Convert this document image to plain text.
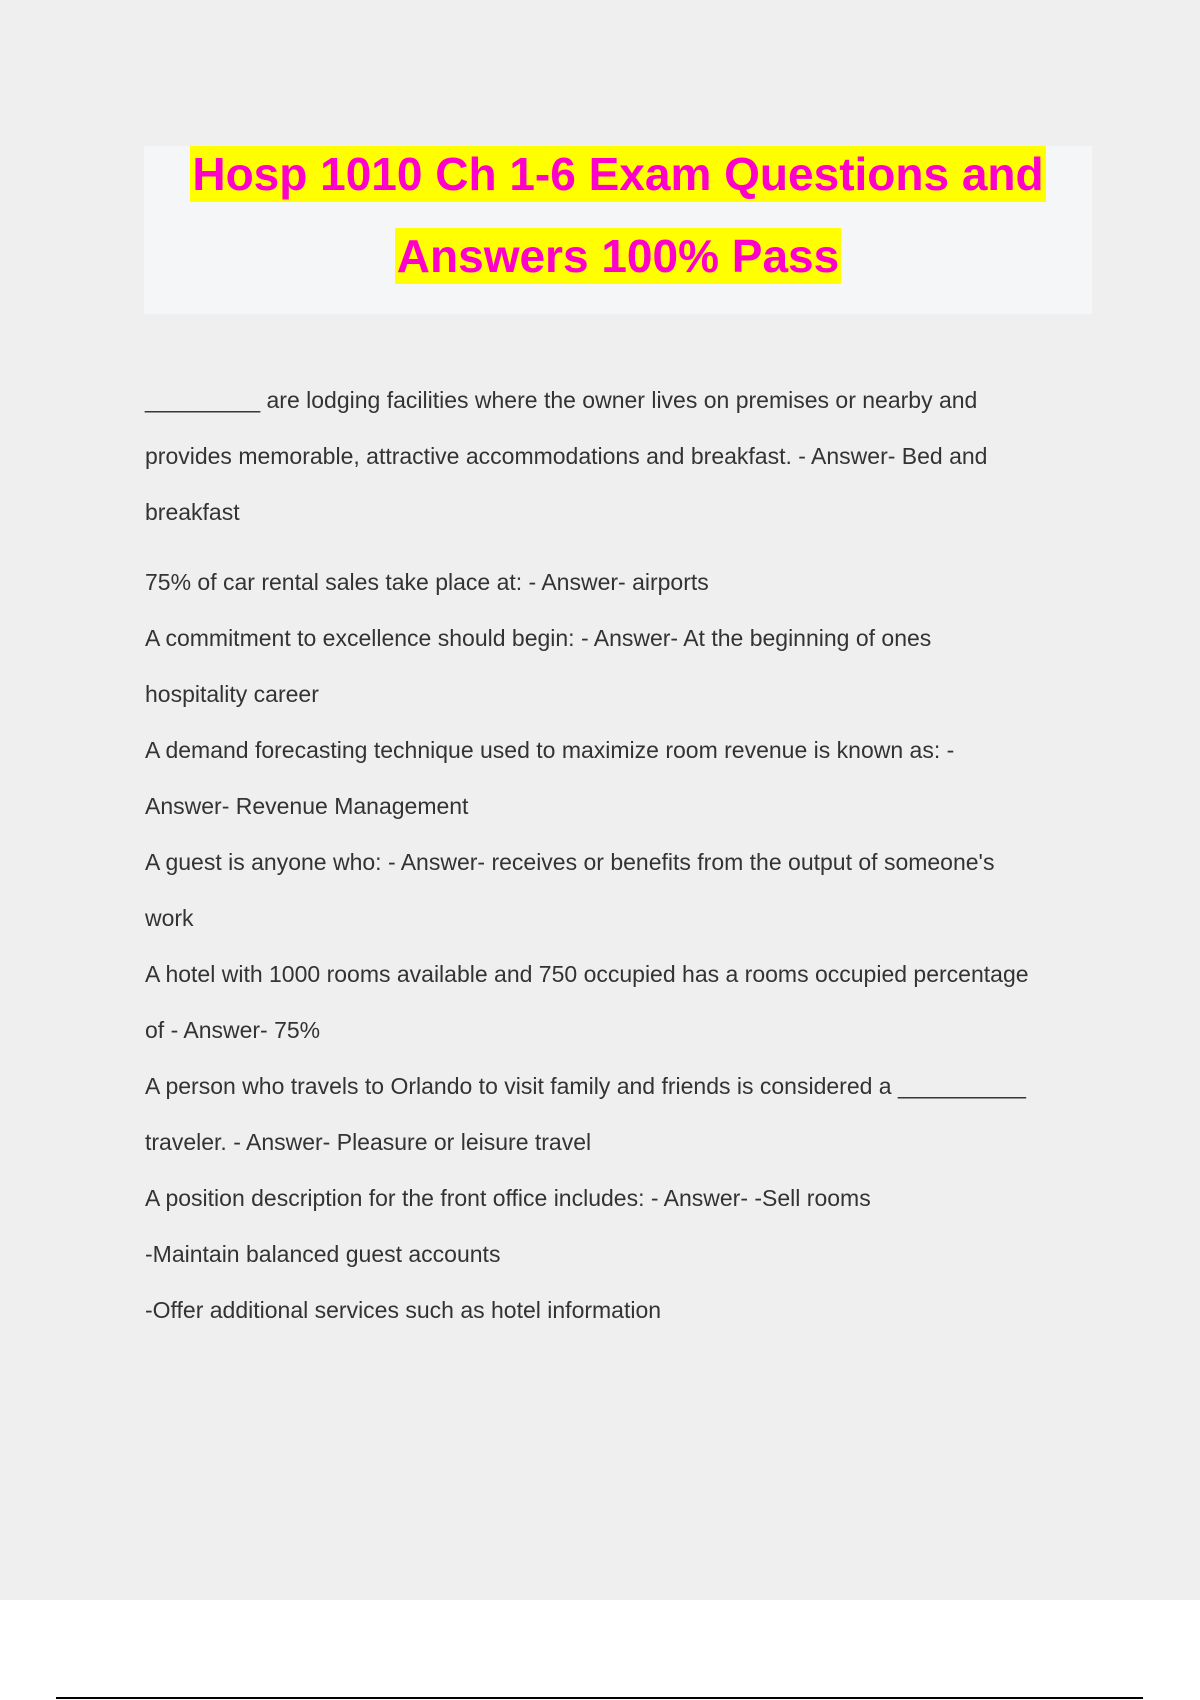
Hosp 1010 Ch 1-6 Exam Questions and
Answers 100% Pass

_________ are lodging facilities where the owner lives on premises or nearby and

provides memorable, attractive accommodations and breakfast. - Answer- Bed and

breakfast

75% of car rental sales take place at: - Answer- airports

A commitment to excellence should begin: - Answer- At the beginning of ones

hospitality career

A demand forecasting technique used to maximize room revenue is known as: -

Answer- Revenue Management

A guest is anyone who: - Answer- receives or benefits from the output of someone's

work

A hotel with 1000 rooms available and 750 occupied has a rooms occupied percentage

of - Answer- 75%

A person who travels to Orlando to visit family and friends is considered a __________

traveler. - Answer- Pleasure or leisure travel

A position description for the front office includes: - Answer- -Sell rooms

-Maintain balanced guest accounts

-Offer additional services such as hotel information
